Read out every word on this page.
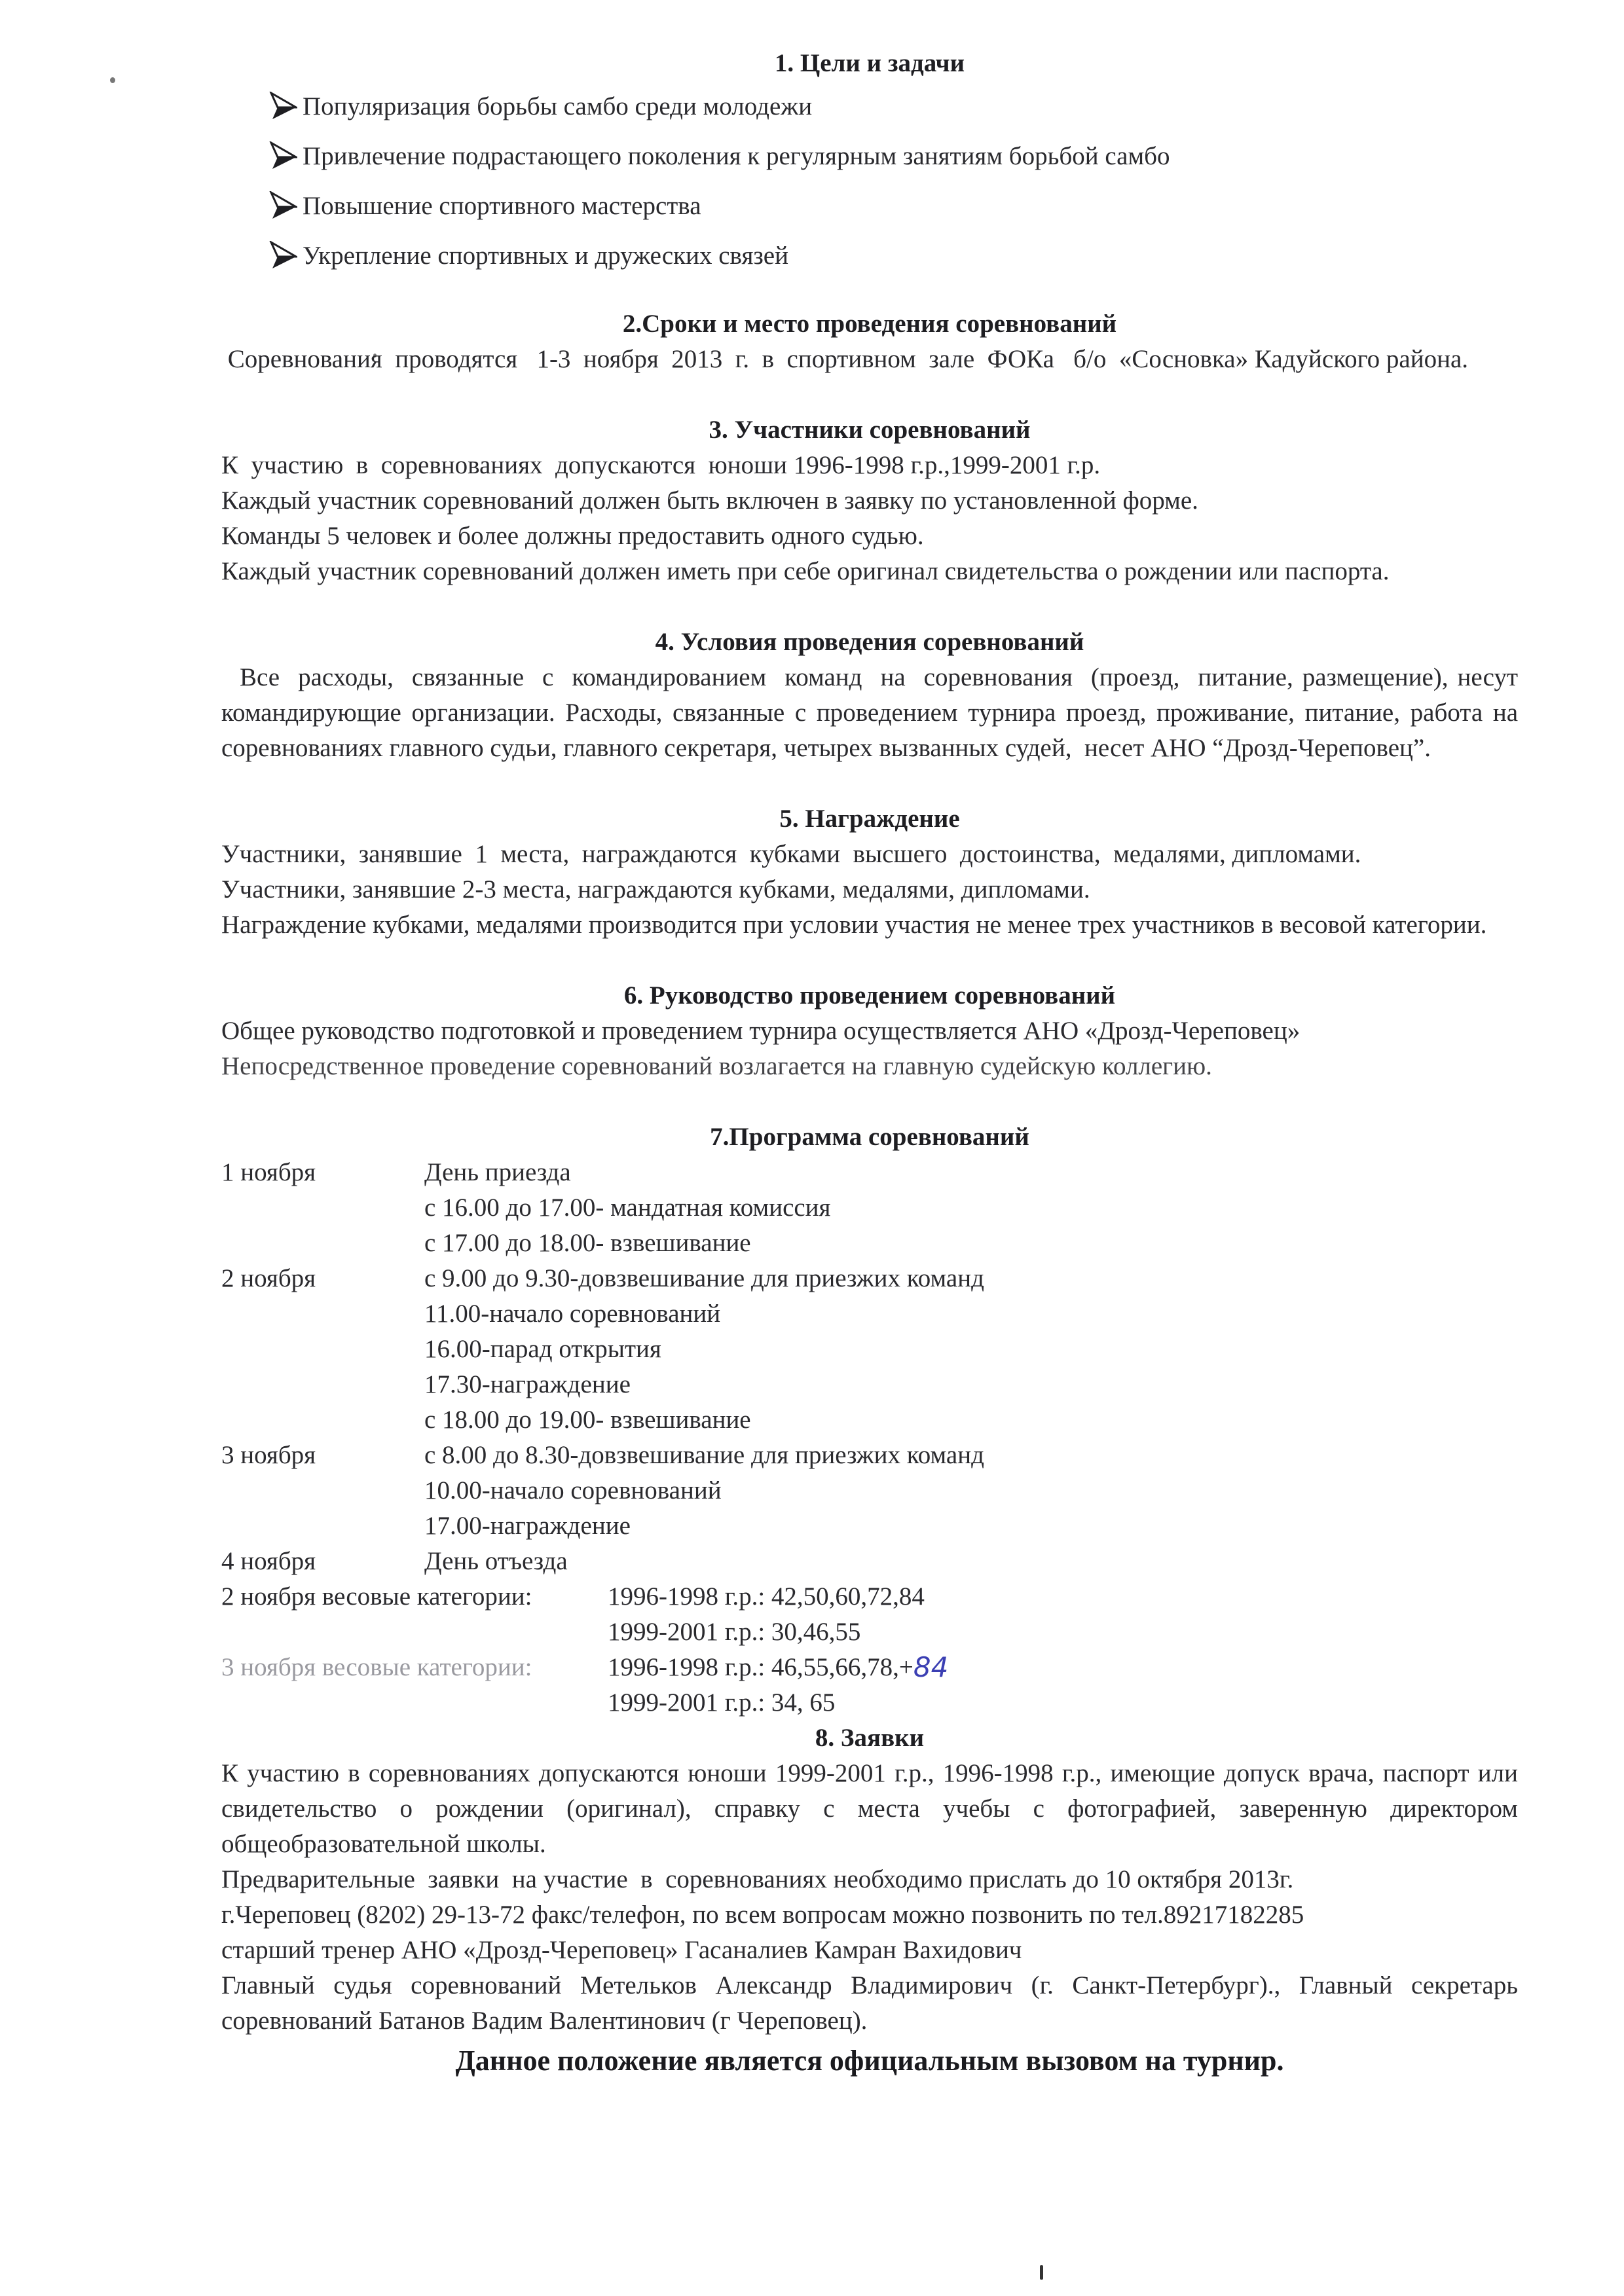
1. Цели и задачи
Популяризация борьбы самбо среди молодежи
Привлечение подрастающего поколения к регулярным занятиям борьбой самбо
Повышение спортивного мастерства
Укрепление спортивных и дружеских связей
2.Сроки и место проведения соревнований

Соревнования  проводятся   1-3  ноября  2013  г.  в  спортивном  зале  ФОКа   б/о  «Сосновка» Кадуйского района.

3. Участники соревнований

К  участию  в  соревнованиях  допускаются  юноши 1996-1998 г.р.,1999-2001 г.р.

Каждый участник соревнований должен быть включен в заявку по установленной форме.

Команды 5 человек и более должны предоставить одного судью.

Каждый участник соревнований должен иметь при себе оригинал свидетельства о рождении или паспорта.

4. Условия проведения соревнований

Все  расходы,  связанные  с  командированием  команд  на  соревнования  (проезд,  питание, размещение), несут командирующие организации. Расходы, связанные с проведением турнира проезд, проживание, питание, работа на соревнованиях главного судьи, главного секретаря, четырех вызванных судей,  несет АНО “Дрозд-Череповец”.

5. Награждение

Участники,  занявшие  1  места,  награждаются  кубками  высшего  достоинства,  медалями, дипломами.

Участники, занявшие 2-3 места, награждаются кубками, медалями, дипломами.

Награждение кубками, медалями производится при условии участия не менее трех участников в весовой категории.

6. Руководство проведением соревнований

Общее руководство подготовкой и проведением турнира осуществляется АНО «Дрозд-Череповец»

Непосредственное проведение соревнований возлагается на главную судейскую коллегию.

7.Программа соревнований
1 ноября	День приезда
с 16.00 до 17.00- мандатная комиссия
с 17.00 до 18.00- взвешивание
2 ноября	с 9.00 до 9.30-довзвешивание для приезжих команд
11.00-начало соревнований
16.00-парад открытия
17.30-награждение
с 18.00 до 19.00- взвешивание
3 ноября	с 8.00 до 8.30-довзвешивание для приезжих команд
10.00-начало соревнований
17.00-награждение
4 ноября	День отъезда
2 ноября весовые категории:	1996-1998 г.р.: 42,50,60,72,84
1999-2001 г.р.: 30,46,55
3 ноября весовые категории:	1996-1998 г.р.: 46,55,66,78,+ 84
1999-2001 г.р.: 34, 65
8. Заявки

К участию в соревнованиях допускаются юноши 1999-2001 г.р., 1996-1998 г.р., имеющие допуск врача, паспорт или свидетельство о рождении (оригинал), справку с места учебы с фотографией, заверенную директором общеобразовательной школы.

Предварительные  заявки  на участие  в  соревнованиях необходимо прислать до 10 октября 2013г.

г.Череповец (8202) 29-13-72 факс/телефон, по всем вопросам можно позвонить по тел.89217182285

старший тренер АНО «Дрозд-Череповец» Гасаналиев Камран Вахидович

Главный судья соревнований Метельков Александр Владимирович (г. Санкт-Петербург)., Главный секретарь соревнований Батанов Вадим Валентинович (г Череповец).

Данное положение является официальным вызовом на турнир.
